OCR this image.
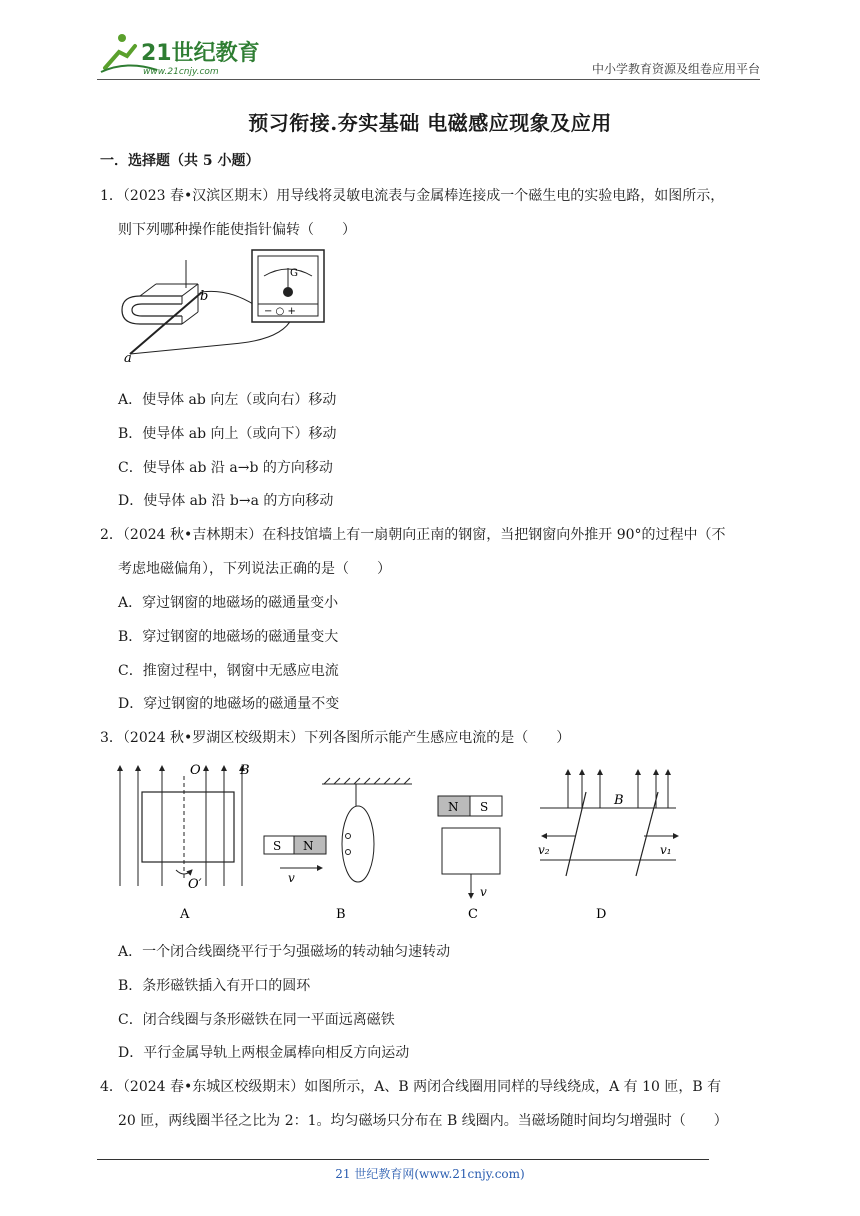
21世纪教育
www.21cnjy.com	中小学教育资源及组卷应用平台
预习衔接.夯实基础 电磁感应现象及应用
一．选择题（共 5 小题）
1．（2023 春•汉滨区期末）用导线将灵敏电流表与金属棒连接成一个磁生电的实验电路，如图所示，
则下列哪种操作能使指针偏转（　　）
a
b
G
− ○ +
A．使导体 ab 向左（或向右）移动
B．使导体 ab 向上（或向下）移动
C．使导体 ab 沿 a→b 的方向移动
D．使导体 ab 沿 b→a 的方向移动
2．（2024 秋•吉林期末）在科技馆墙上有一扇朝向正南的钢窗，当把钢窗向外推开 90°的过程中（不
考虑地磁偏角），下列说法正确的是（　　）
A．穿过钢窗的地磁场的磁通量变小
B．穿过钢窗的地磁场的磁通量变大
C．推窗过程中，钢窗中无感应电流
D．穿过钢窗的地磁场的磁通量不变
3．（2024 秋•罗湖区校级期末）下列各图所示能产生感应电流的是（　　）
O
O′
B
A
S N
v
B
N S
v
C
B
v₂	v₁
D
A．一个闭合线圈绕平行于匀强磁场的转动轴匀速转动
B．条形磁铁插入有开口的圆环
C．闭合线圈与条形磁铁在同一平面远离磁铁
D．平行金属导轨上两根金属棒向相反方向运动
4．（2024 春•东城区校级期末）如图所示，A、B 两闭合线圈用同样的导线绕成，A 有 10 匝，B 有
20 匝，两线圈半径之比为 2：1。均匀磁场只分布在 B 线圈内。当磁场随时间均匀增强时（　　）
21 世纪教育网(www.21cnjy.com)
